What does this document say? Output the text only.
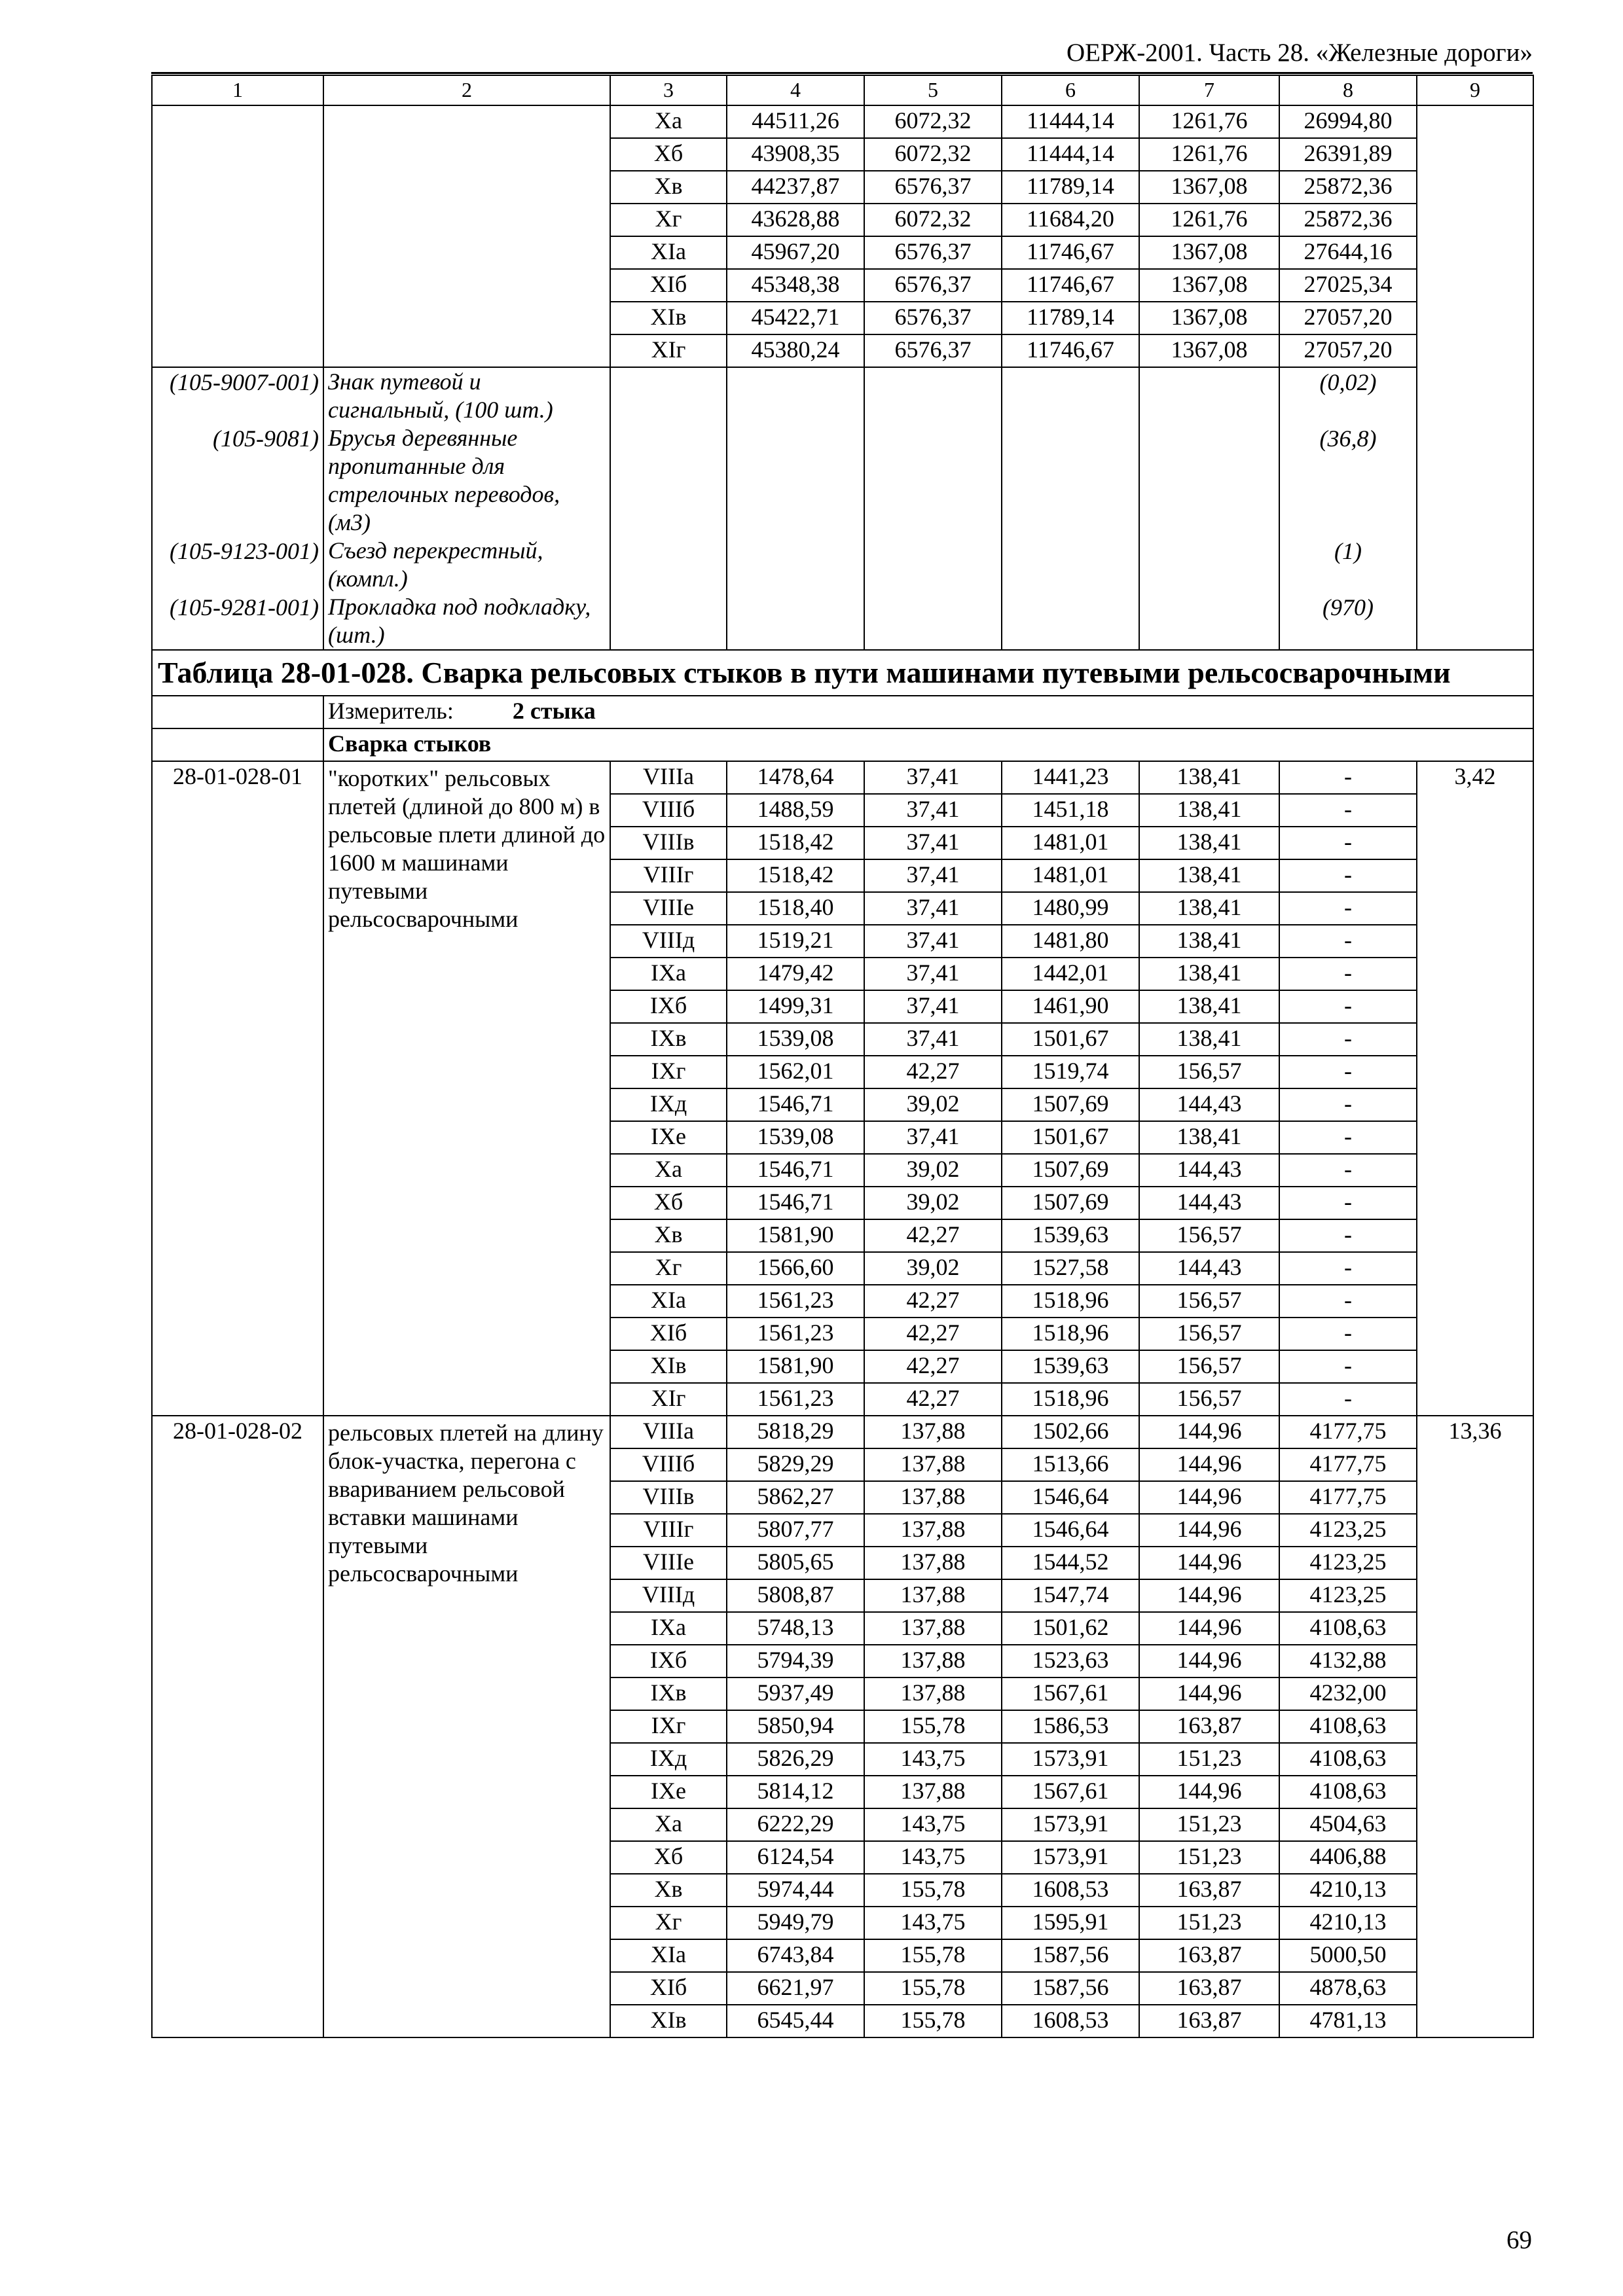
ОЕРЖ-2001. Часть 28. «Железные дороги»
1	2	3	4	5	6	7	8	9
		Xа	44511,26	6072,32	11444,14	1261,76	26994,80	
		Xб	43908,35	6072,32	11444,14	1261,76	26391,89	
		Xв	44237,87	6576,37	11789,14	1367,08	25872,36	
		Xг	43628,88	6072,32	11684,20	1261,76	25872,36	
		XIа	45967,20	6576,37	11746,67	1367,08	27644,16	
		XIб	45348,38	6576,37	11746,67	1367,08	27025,34	
		XIв	45422,71	6576,37	11789,14	1367,08	27057,20	
		XIг	45380,24	6576,37	11746,67	1367,08	27057,20	
(105-9007-001)	Знак путевой и сигнальный, (100 шт.)						(0,02)	
(105-9081)	Брусья деревянные пропитанные для стрелочных переводов, (м3)						(36,8)	
(105-9123-001)	Съезд перекрестный, (компл.)						(1)	
(105-9281-001)	Прокладка под подкладку, (шт.)						(970)	
Таблица 28-01-028. Сварка рельсовых стыков в пути машинами путевыми рельсосварочными								
	Измеритель: 2 стыка							
	Сварка стыков							
28-01-028-01	"коротких" рельсовых плетей (длиной до 800 м) в рельсовые плети длиной до 1600 м машинами путевыми рельсосварочными	VIIIа	1478,64	37,41	1441,23	138,41	-	3,42
		VIIIб	1488,59	37,41	1451,18	138,41	-	
		VIIIв	1518,42	37,41	1481,01	138,41	-	
		VIIIг	1518,42	37,41	1481,01	138,41	-	
		VIIIе	1518,40	37,41	1480,99	138,41	-	
		VIIIд	1519,21	37,41	1481,80	138,41	-	
		IXа	1479,42	37,41	1442,01	138,41	-	
		IXб	1499,31	37,41	1461,90	138,41	-	
		IXв	1539,08	37,41	1501,67	138,41	-	
		IXг	1562,01	42,27	1519,74	156,57	-	
		IXд	1546,71	39,02	1507,69	144,43	-	
		IXе	1539,08	37,41	1501,67	138,41	-	
		Xа	1546,71	39,02	1507,69	144,43	-	
		Xб	1546,71	39,02	1507,69	144,43	-	
		Xв	1581,90	42,27	1539,63	156,57	-	
		Xг	1566,60	39,02	1527,58	144,43	-	
		XIа	1561,23	42,27	1518,96	156,57	-	
		XIб	1561,23	42,27	1518,96	156,57	-	
		XIв	1581,90	42,27	1539,63	156,57	-	
		XIг	1561,23	42,27	1518,96	156,57	-	
28-01-028-02	рельсовых плетей на длину блок-участка, перегона с ввариванием рельсовой вставки машинами путевыми рельсосварочными	VIIIа	5818,29	137,88	1502,66	144,96	4177,75	13,36
		VIIIб	5829,29	137,88	1513,66	144,96	4177,75	
		VIIIв	5862,27	137,88	1546,64	144,96	4177,75	
		VIIIг	5807,77	137,88	1546,64	144,96	4123,25	
		VIIIе	5805,65	137,88	1544,52	144,96	4123,25	
		VIIIд	5808,87	137,88	1547,74	144,96	4123,25	
		IXа	5748,13	137,88	1501,62	144,96	4108,63	
		IXб	5794,39	137,88	1523,63	144,96	4132,88	
		IXв	5937,49	137,88	1567,61	144,96	4232,00	
		IXг	5850,94	155,78	1586,53	163,87	4108,63	
		IXд	5826,29	143,75	1573,91	151,23	4108,63	
		IXе	5814,12	137,88	1567,61	144,96	4108,63	
		Xа	6222,29	143,75	1573,91	151,23	4504,63	
		Xб	6124,54	143,75	1573,91	151,23	4406,88	
		Xв	5974,44	155,78	1608,53	163,87	4210,13	
		Xг	5949,79	143,75	1595,91	151,23	4210,13	
		XIа	6743,84	155,78	1587,56	163,87	5000,50	
		XIб	6621,97	155,78	1587,56	163,87	4878,63	
		XIв	6545,44	155,78	1608,53	163,87	4781,13	
69
